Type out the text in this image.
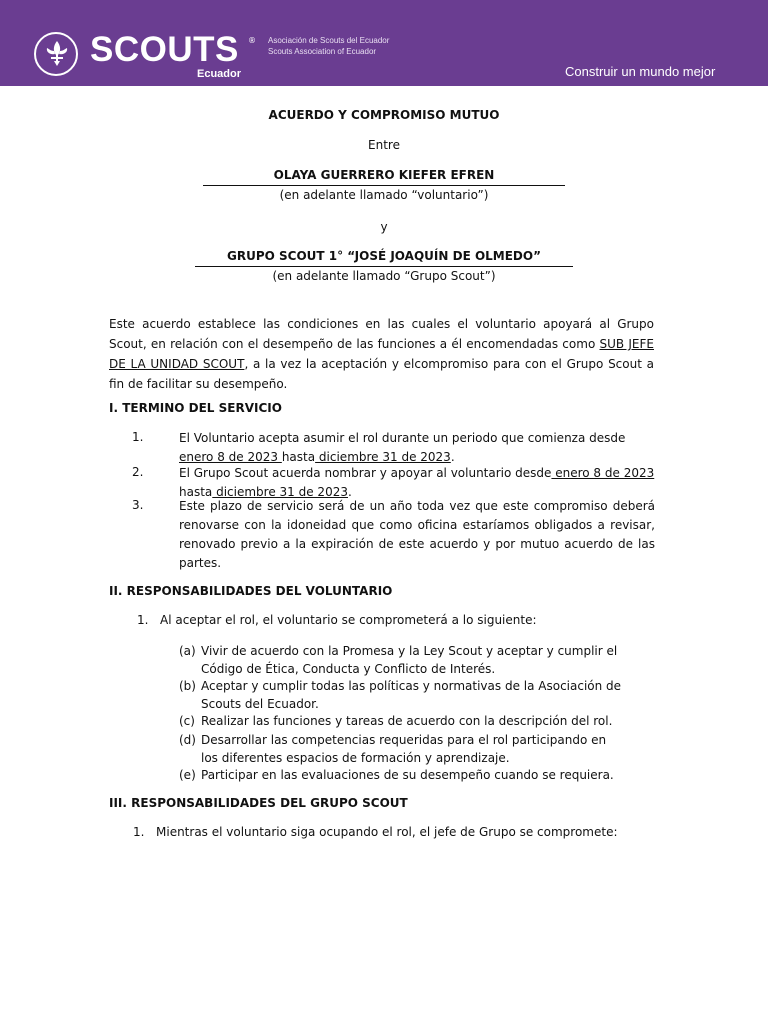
SCOUTS ®
Ecuador
Asociación de Scouts del Ecuador
Scouts Association of Ecuador
Construir un mundo mejor
ACUERDO Y COMPROMISO MUTUO
Entre
OLAYA GUERRERO KIEFER EFREN
(en adelante llamado “voluntario”)
y
GRUPO SCOUT 1° “JOSÉ JOAQUÍN DE OLMEDO”
(en adelante llamado “Grupo Scout”)
Este acuerdo establece las condiciones en las cuales el voluntario apoyará al Grupo Scout, en relación con el desempeño de las funciones a él encomendadas como SUB JEFE DE LA UNIDAD SCOUT, a la vez la aceptación y elcompromiso para con el Grupo Scout a fin de facilitar su desempeño.
I. TERMINO DEL SERVICIO
1.	El Voluntario acepta asumir el rol durante un periodo que comienza desde enero 8 de 2023 hasta diciembre 31 de 2023.
2.	El Grupo Scout acuerda nombrar y apoyar al voluntario desde enero 8 de 2023 hasta diciembre 31 de 2023.
3.	Este plazo de servicio será de un año toda vez que este compromiso deberá renovarse con la idoneidad que como oficina estaríamos obligados a revisar, renovado previo a la expiración de este acuerdo y por mutuo acuerdo de las partes.
II. RESPONSABILIDADES DEL VOLUNTARIO
1. Al aceptar el rol, el voluntario se comprometerá a lo siguiente:
(a) Vivir de acuerdo con la Promesa y la Ley Scout y aceptar y cumplir el
Código de Ética, Conducta y Conflicto de Interés.
(b) Aceptar y cumplir todas las políticas y normativas de la Asociación de
Scouts del Ecuador.
(c) Realizar las funciones y tareas de acuerdo con la descripción del rol.
(d) Desarrollar las competencias requeridas para el rol participando en
los diferentes espacios de formación y aprendizaje.
(e) Participar en las evaluaciones de su desempeño cuando se requiera.
III. RESPONSABILIDADES DEL GRUPO SCOUT
1. Mientras el voluntario siga ocupando el rol, el jefe de Grupo se compromete:
